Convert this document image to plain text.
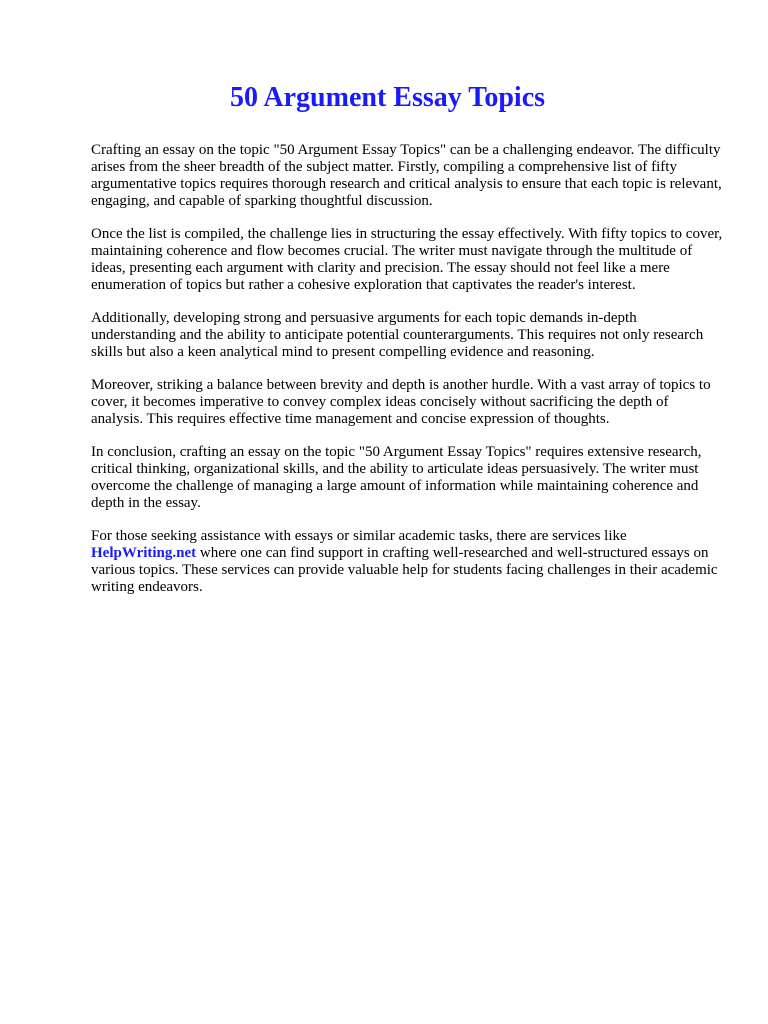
50 Argument Essay Topics

Crafting an essay on the topic "50 Argument Essay Topics" can be a challenging endeavor. The difficulty arises from the sheer breadth of the subject matter. Firstly, compiling a comprehensive list of fifty argumentative topics requires thorough research and critical analysis to ensure that each topic is relevant, engaging, and capable of sparking thoughtful discussion.

Once the list is compiled, the challenge lies in structuring the essay effectively. With fifty topics to cover, maintaining coherence and flow becomes crucial. The writer must navigate through the multitude of ideas, presenting each argument with clarity and precision. The essay should not feel like a mere enumeration of topics but rather a cohesive exploration that captivates the reader's interest.

Additionally, developing strong and persuasive arguments for each topic demands in-depth understanding and the ability to anticipate potential counterarguments. This requires not only research skills but also a keen analytical mind to present compelling evidence and reasoning.

Moreover, striking a balance between brevity and depth is another hurdle. With a vast array of topics to cover, it becomes imperative to convey complex ideas concisely without sacrificing the depth of analysis. This requires effective time management and concise expression of thoughts.

In conclusion, crafting an essay on the topic "50 Argument Essay Topics" requires extensive research, critical thinking, organizational skills, and the ability to articulate ideas persuasively. The writer must overcome the challenge of managing a large amount of information while maintaining coherence and depth in the essay.

For those seeking assistance with essays or similar academic tasks, there are services like HelpWriting.net where one can find support in crafting well-researched and well-structured essays on various topics. These services can provide valuable help for students facing challenges in their academic writing endeavors.
